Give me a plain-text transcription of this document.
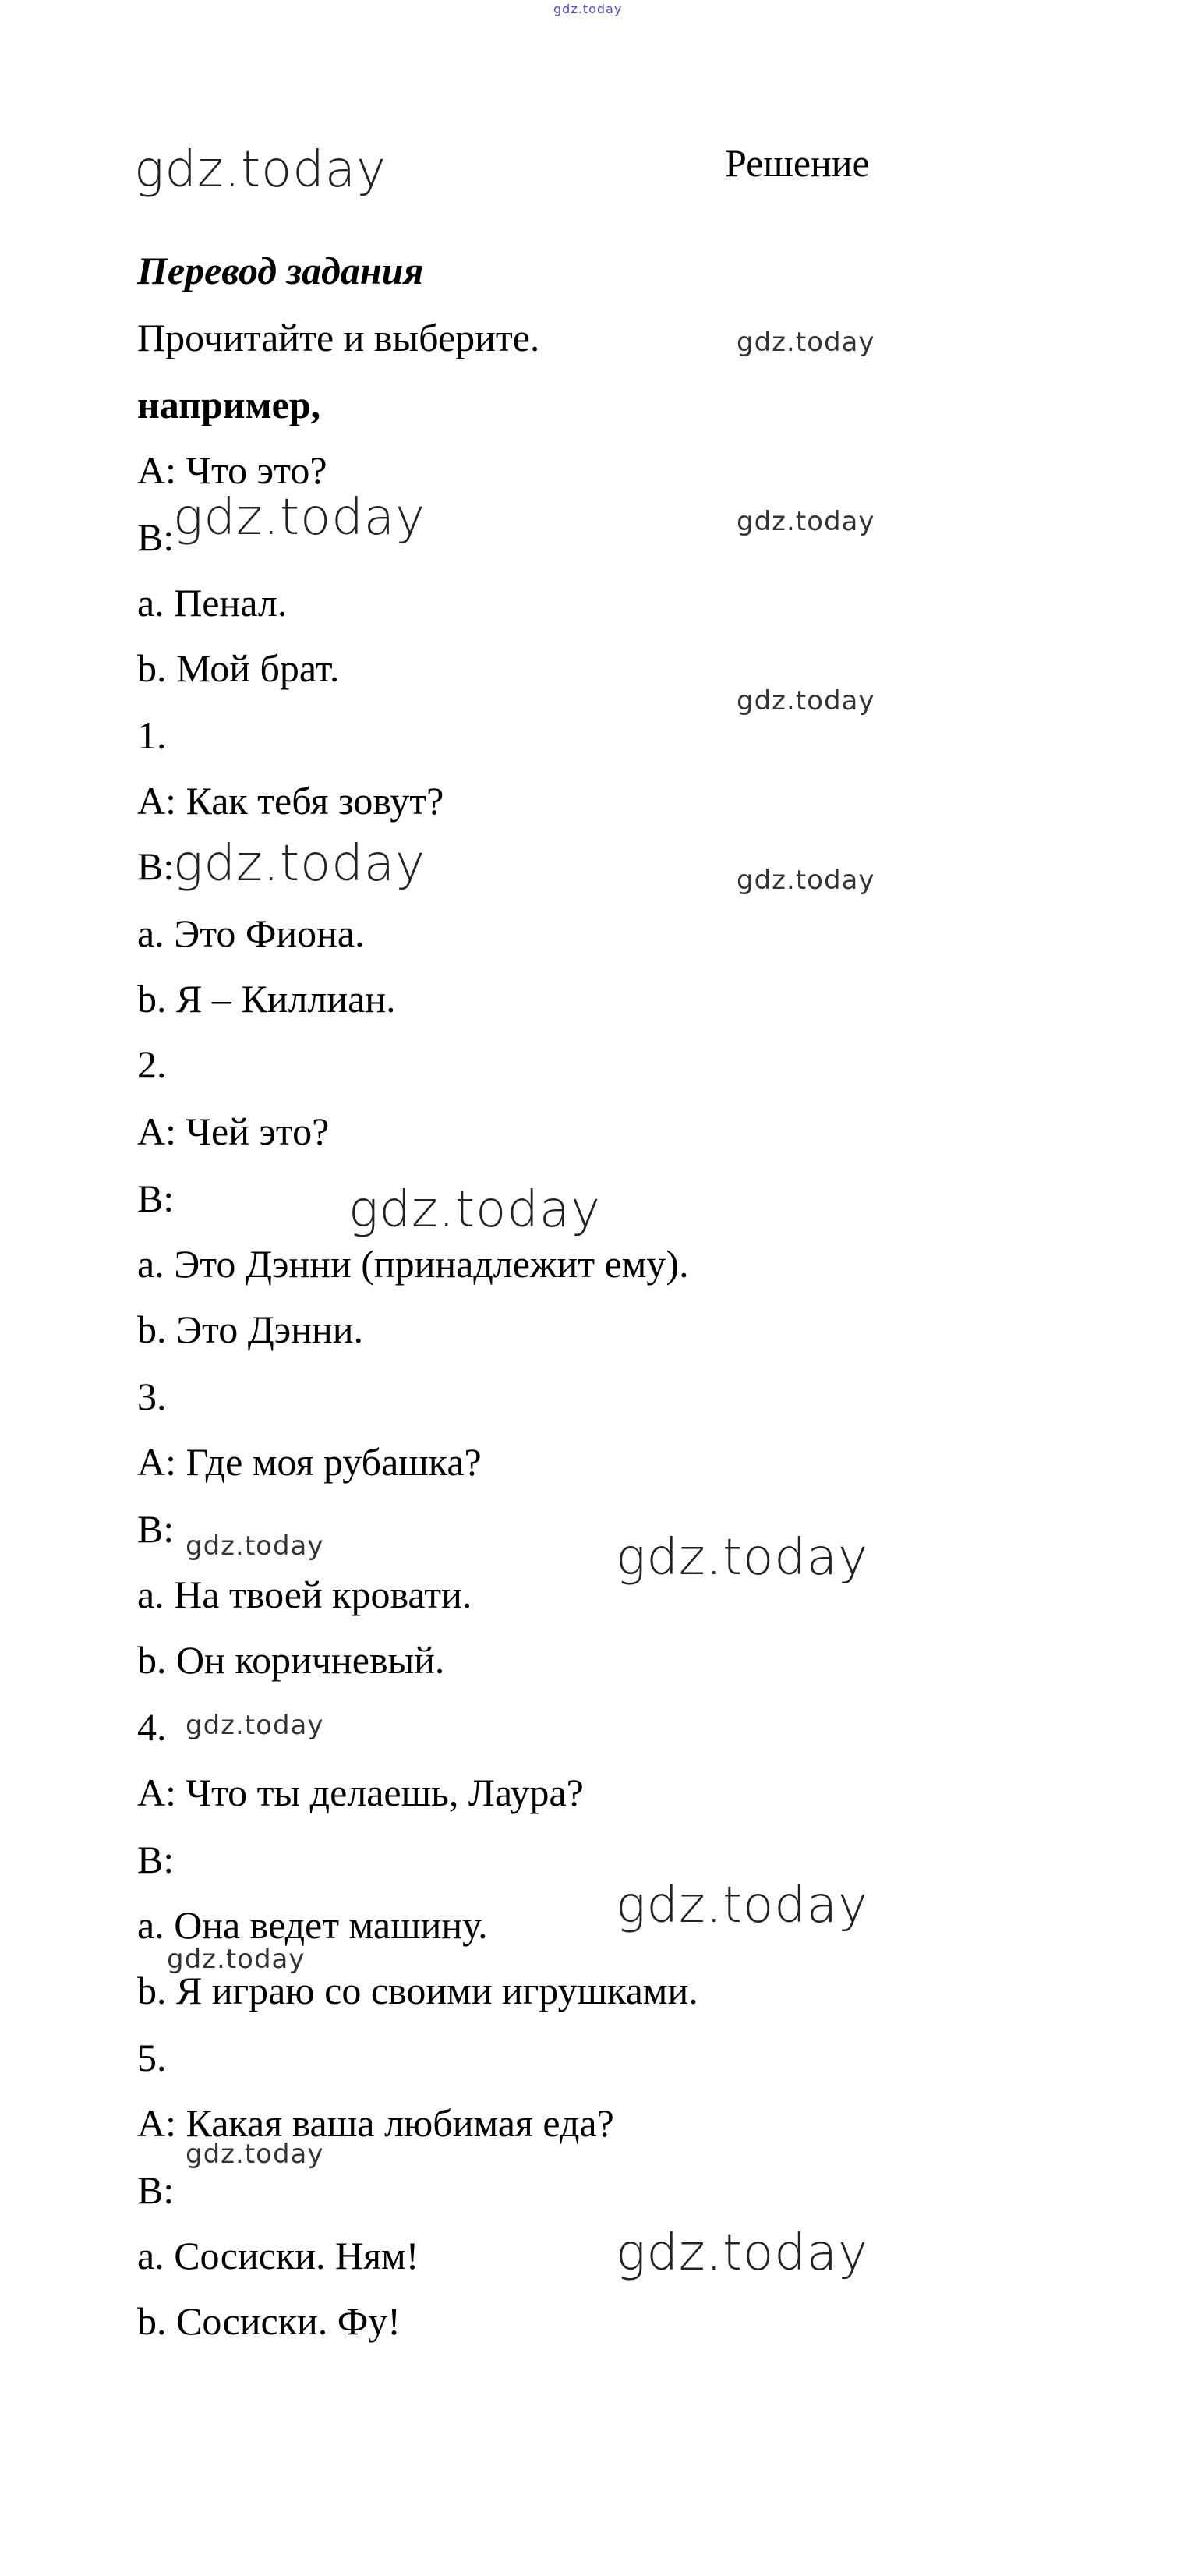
gdz.today
gdz.today	Решение
Перевод задания
Прочитайте и выберите.
например,
A: Что это?
B:
a. Пенал.
b. Мой брат.
1.
A: Как тебя зовут?
B:
a. Это Фиона.
b. Я – Киллиан.
2.
A: Чей это?
B:
a. Это Дэнни (принадлежит ему).
b. Это Дэнни.
3.
A: Где моя рубашка?
B:
a. На твоей кровати.
b. Он коричневый.
4.
A: Что ты делаешь, Лаура?
B:
a. Она ведет машину.
b. Я играю со своими игрушками.
5.
A: Какая ваша любимая еда?
B:
a. Сосиски. Ням!
b. Сосиски. Фу!
gdz.today
gdz.today	gdz.today
gdz.today
gdz.today	gdz.today
gdz.today
gdz.today	gdz.today
gdz.today
gdz.today
gdz.today
gdz.today
gdz.today
